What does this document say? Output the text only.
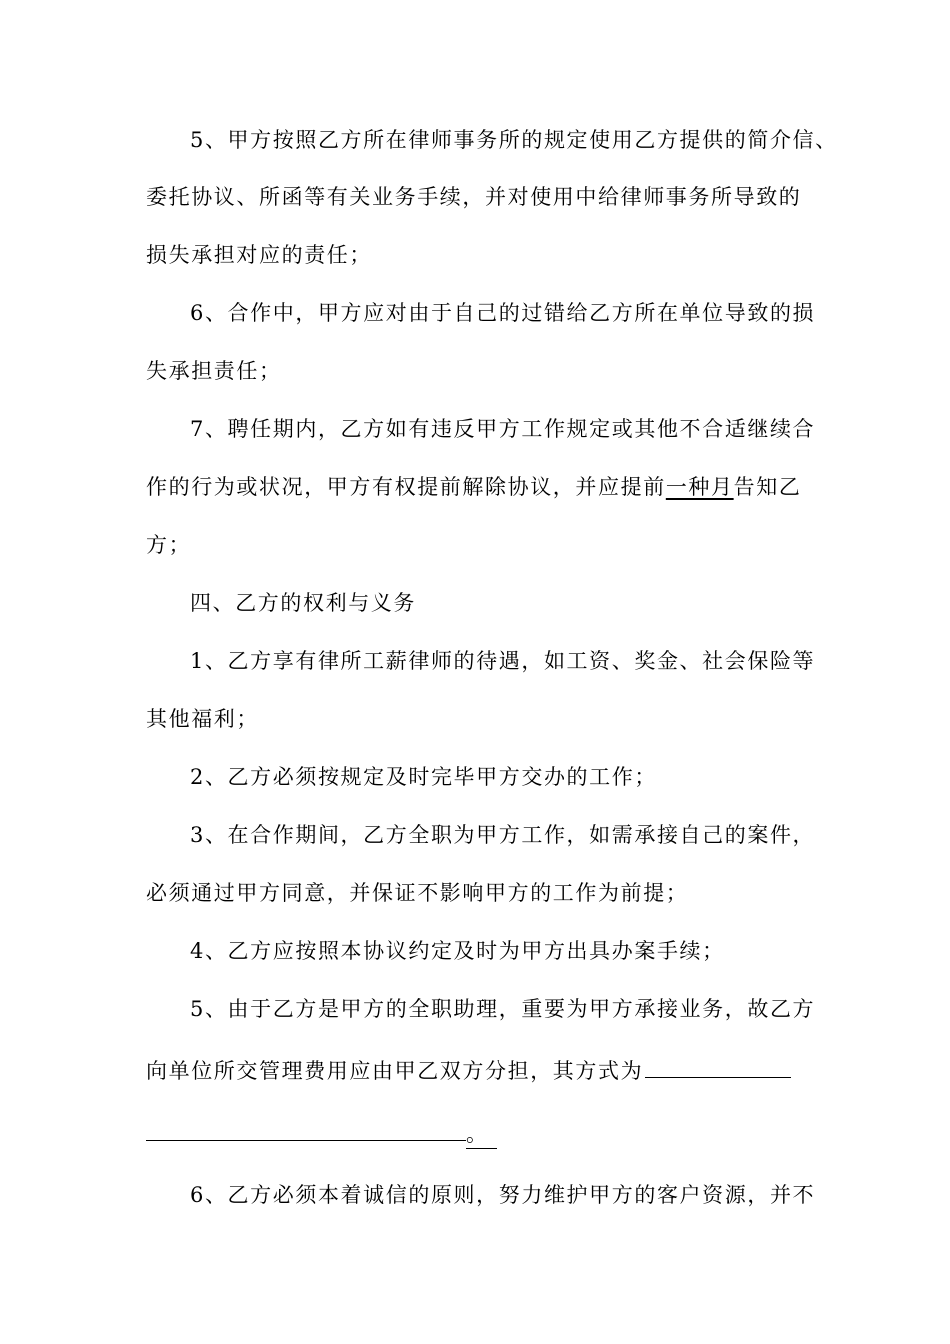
5、甲方按照乙方所在律师事务所的规定使用乙方提供的简介信、
委托协议、所函等有关业务手续，并对使用中给律师事务所导致的
损失承担对应的责任；
6、合作中，甲方应对由于自己的过错给乙方所在单位导致的损
失承担责任；
7、聘任期内，乙方如有违反甲方工作规定或其他不合适继续合
作的行为或状况，甲方有权提前解除协议，并应提前一种月告知乙
方；
四、乙方的权利与义务
1、乙方享有律所工薪律师的待遇，如工资、奖金、社会保险等
其他福利；
2、乙方必须按规定及时完毕甲方交办的工作；
3、在合作期间，乙方全职为甲方工作，如需承接自己的案件，
必须通过甲方同意，并保证不影响甲方的工作为前提；
4、乙方应按照本协议约定及时为甲方出具办案手续；
5、由于乙方是甲方的全职助理，重要为甲方承接业务，故乙方
向单位所交管理费用应由甲乙双方分担，其方式为
。
6、乙方必须本着诚信的原则，努力维护甲方的客户资源，并不
